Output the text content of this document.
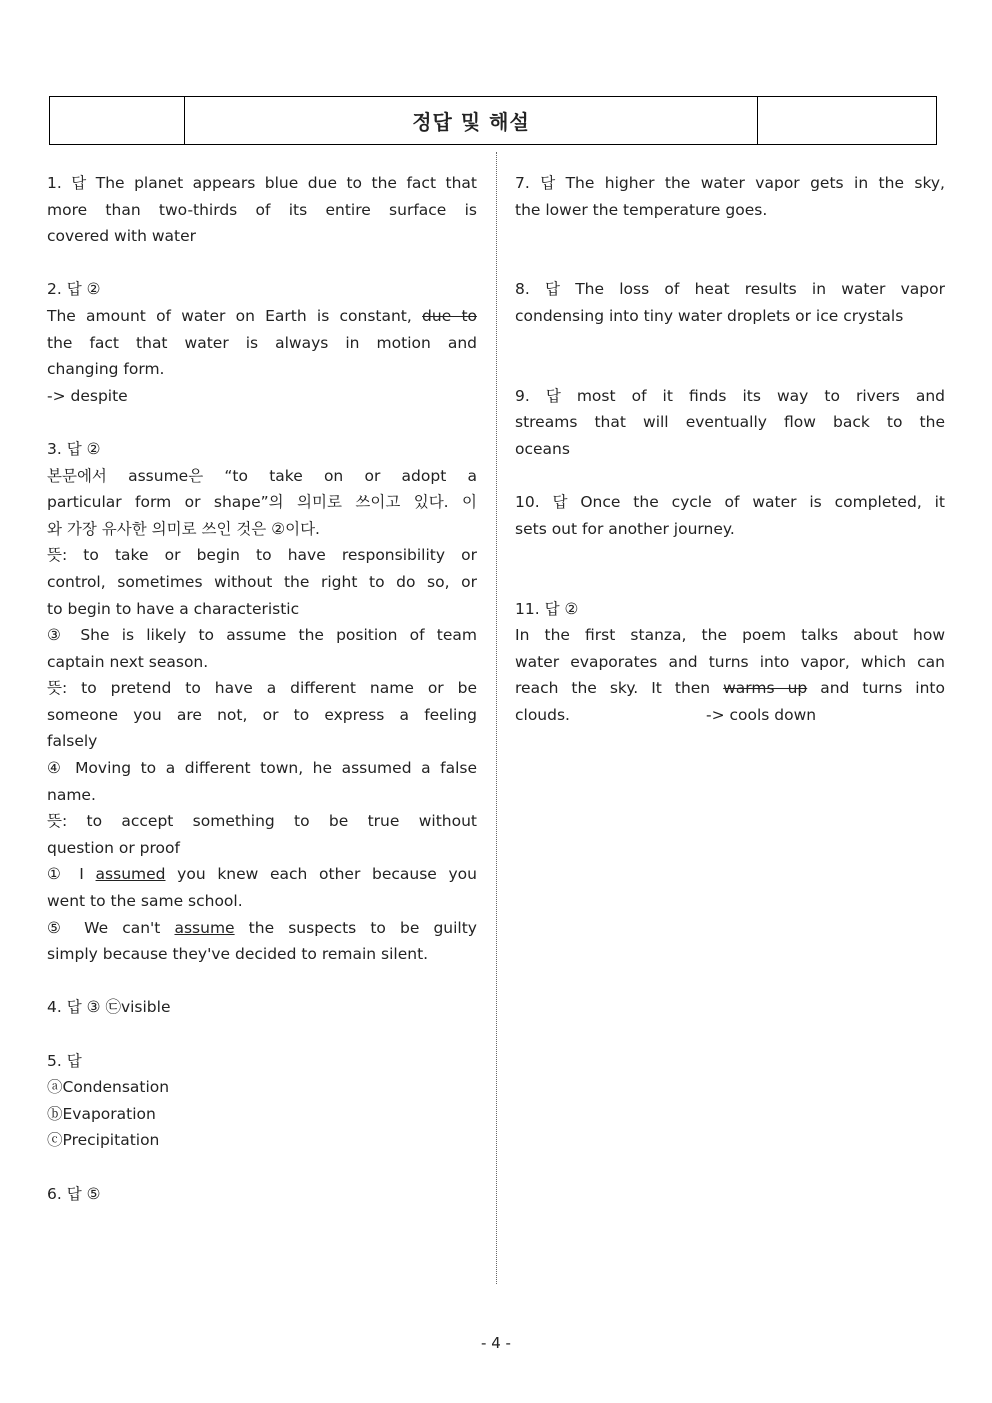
정답 및 해설
1. 답 The planet appears blue due to the fact that
more than two-thirds of its entire surface is
covered with water
2. 답 ②
The amount of water on Earth is constant, due to
the fact that water is always in motion and
changing form.
-> despite
3. 답 ②
본문에서 assume은 “to take on or adopt a
particular form or shape”의 의미로 쓰이고 있다. 이
와 가장 유사한 의미로 쓰인 것은 ②이다.
뜻: to take or begin to have responsibility or
control, sometimes without the right to do so, or
to begin to have a characteristic
③ She is likely to assume the position of team
captain next season.
뜻: to pretend to have a different name or be
someone you are not, or to express a feeling
falsely
④ Moving to a different town, he assumed a false
name.
뜻: to accept something to be true without
question or proof
① I assumed you knew each other because you
went to the same school.
⑤ We can't assume the suspects to be guilty
simply because they've decided to remain silent.
4. 답 ③ ㉢visible
5. 답
ⓐCondensation
ⓑEvaporation
ⓒPrecipitation
6. 답 ⑤
7. 답 The higher the water vapor gets in the sky,
the lower the temperature goes.
8. 답 The loss of heat results in water vapor
condensing into tiny water droplets or ice crystals
9. 답 most of it finds its way to rivers and
streams that will eventually flow back to the
oceans
10. 답 Once the cycle of water is completed, it
sets out for another journey.
11. 답 ②
In the first stanza, the poem talks about how
water evaporates and turns into vapor, which can
reach the sky. It then warms up and turns into
clouds.	-> cools down
- 4 -
